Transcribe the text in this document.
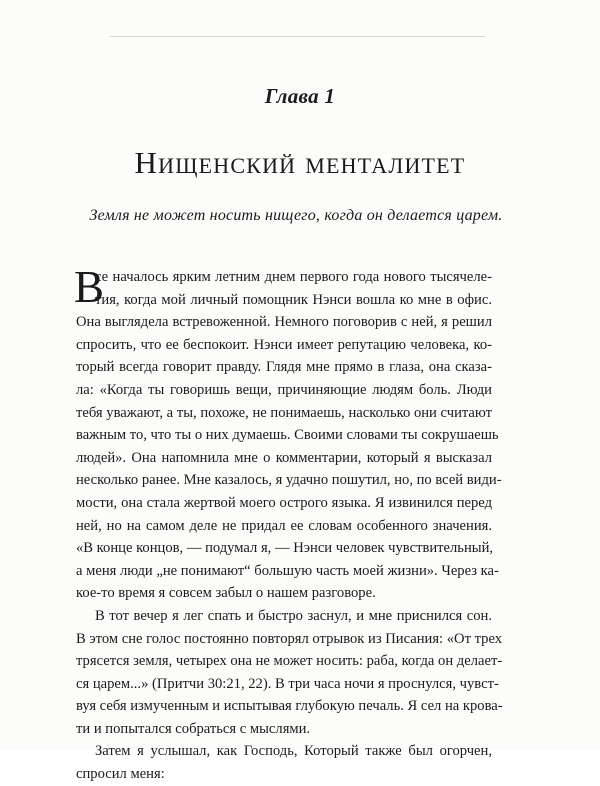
Глава 1
Нищенский менталитет
Земля не может носить нищего, когда он делается царем.
В
се началось ярким летним днем первого года нового тысячеле-
тия, когда мой личный помощник Нэнси вошла ко мне в офис.
Она выглядела встревоженной. Немного поговорив с ней, я решил
спросить, что ее беспокоит. Нэнси имеет репутацию человека, ко-
торый всегда говорит правду. Глядя мне прямо в глаза, она сказа-
ла: «Когда ты говоришь вещи, причиняющие людям боль. Люди
тебя уважают, а ты, похоже, не понимаешь, насколько они считают
важным то, что ты о них думаешь. Своими словами ты сокрушаешь
людей». Она напомнила мне о комментарии, который я высказал
несколько ранее. Мне казалось, я удачно пошутил, но, по всей види-
мости, она стала жертвой моего острого языка. Я извинился перед
ней, но на самом деле не придал ее словам особенного значения.
«В конце концов, — подумал я, — Нэнси человек чувствительный,
а меня люди „не понимают“ большую часть моей жизни». Через ка-
кое-то время я совсем забыл о нашем разговоре.
В тот вечер я лег спать и быстро заснул, и мне приснился сон.
В этом сне голос постоянно повторял отрывок из Писания: «От трех
трясется земля, четырех она не может носить: раба, когда он делает-
ся царем...» (Притчи 30:21, 22). В три часа ночи я проснулся, чувст-
вуя себя измученным и испытывая глубокую печаль. Я сел на крова-
ти и попытался собраться с мыслями.
Затем я услышал, как Господь, Который также был огорчен,
спросил меня:
